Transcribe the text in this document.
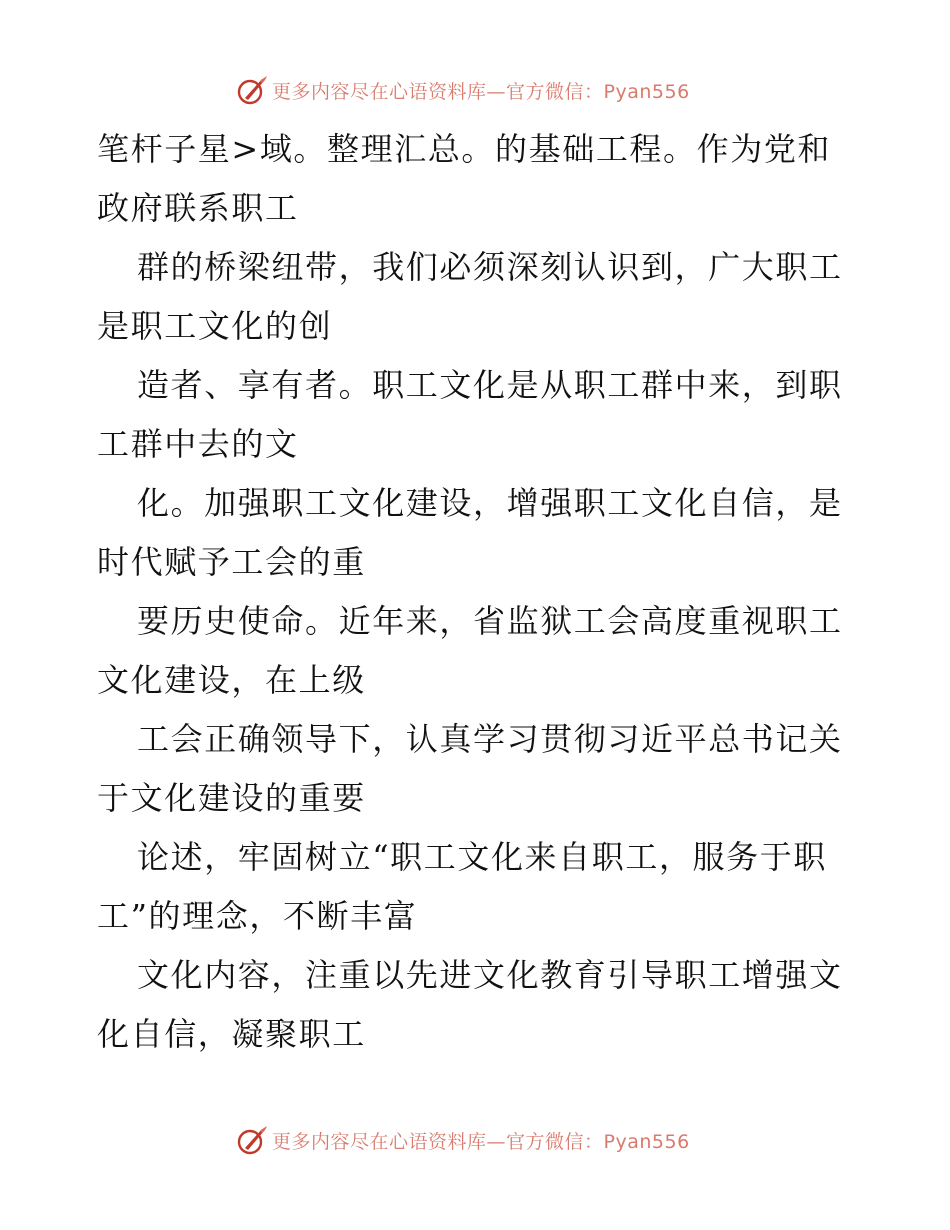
更多内容尽在心语资料库—官方微信：Pyan556
笔杆子星>域。整理汇总。的基础工程。作为党和
政府联系职工
群的桥梁纽带，我们必须深刻认识到，广大职工
是职工文化的创
造者、享有者。职工文化是从职工群中来，到职
工群中去的文
化。加强职工文化建设，增强职工文化自信，是
时代赋予工会的重
要历史使命。近年来，省监狱工会高度重视职工
文化建设，在上级
工会正确领导下，认真学习贯彻习近平总书记关
于文化建设的重要
论述，牢固树立“职工文化来自职工，服务于职
工”的理念，不断丰富
文化内容，注重以先进文化教育引导职工增强文
化自信，凝聚职工
更多内容尽在心语资料库—官方微信：Pyan556
